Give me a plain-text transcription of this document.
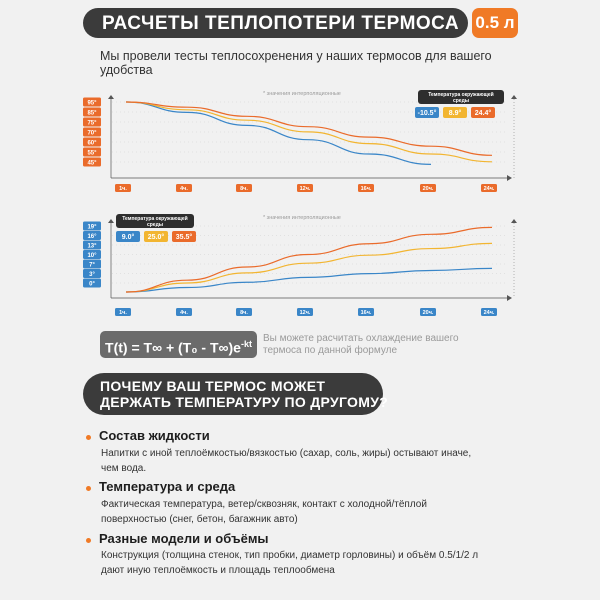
РАСЧЕТЫ ТЕПЛОПОТЕРИ ТЕРМОСА 0.5 л
Мы провели тесты теплосохренения у наших термосов для вашего удобства
95°
85°
75°
70°
60°
55°
45°
1ч.	4ч.	8ч.	12ч.	16ч.	20ч.	24ч.
* значения интерполяционные	Температура окружающей
среды
-10.5° 8.9° 24.4°
19°
16°
13°
10°
7°
3°
0°
1ч.	4ч.	8ч.	12ч.	16ч.	20ч.	24ч.
* значения интерполяционные
Температура окружающей
среды
9.0° 25.0° 35.5°
$T(t) = T\infty + (T_0 - T\infty)e^{-kt}$	Вы можете расчитать охлаждение вашего термоса по данной формуле
ПОЧЕМУ ВАШ ТЕРМОС МОЖЕТ
ДЕРЖАТЬ ТЕМПЕРАТУРУ ПО ДРУГОМУ?
Состав жидкости
Напитки с иной теплоёмкостью/вязкостью (сахар, соль, жиры) остывают иначе, чем вода.
Температура и среда
Фактическая температура, ветер/сквозняк, контакт с холодной/тёплой поверхностью (снег, бетон, багажник авто)
Разные модели и объёмы
Конструкция (толщина стенок, тип пробки, диаметр горловины) и объём 0.5/1/2 л дают иную теплоёмкость и площадь теплообмена
